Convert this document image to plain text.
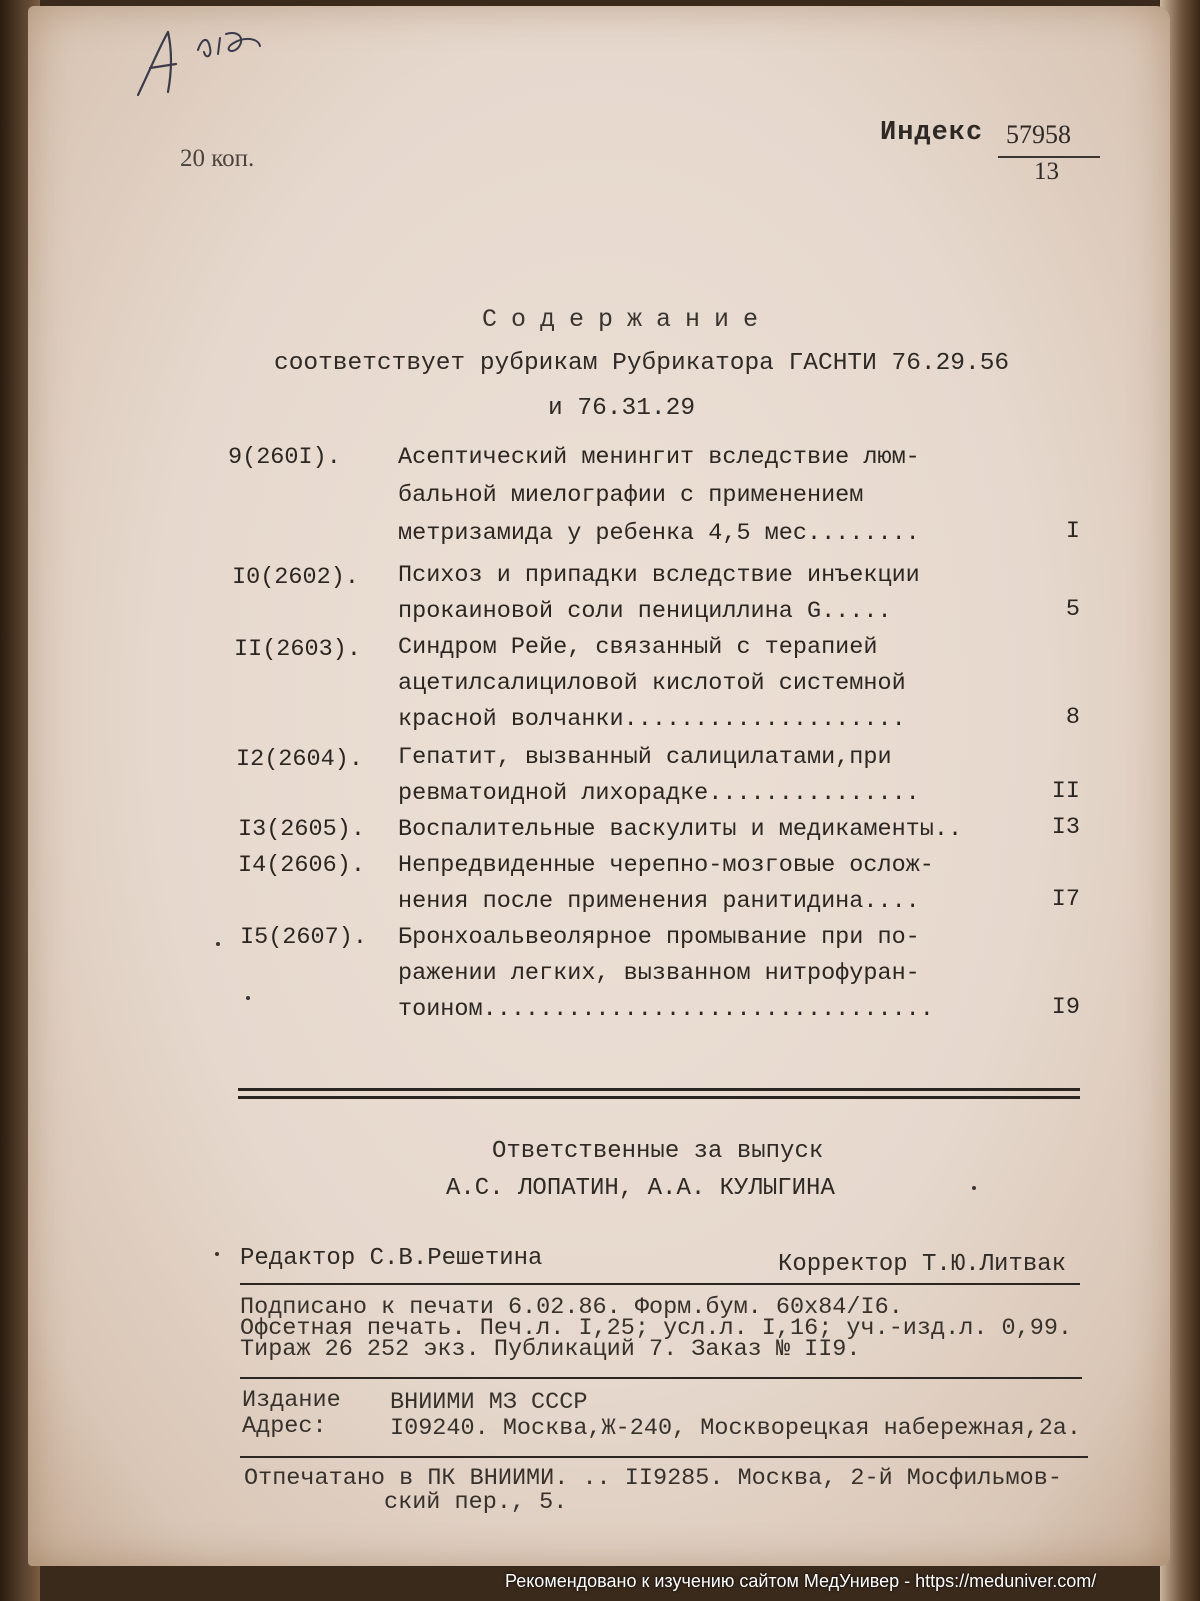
20 коп.
Индекс 57958
13
Содержание
соответствует рубрикам Рубрикатора ГАСНТИ 76.29.56
и 76.31.29
9(260I). Асептический менингит вследствие люм-
бальной миелографии с применением
метризамида у ребенка 4,5 мес........	I
I0(2602). Психоз и припадки вследствие инъекции
прокаиновой соли пенициллина G.....	5
II(2603). Синдром Рейе, связанный с терапией
ацетилсалициловой кислотой системной
красной волчанки....................	8
I2(2604). Гепатит, вызванный салицилатами,при
ревматоидной лихорадке...............	II
I3(2605). Воспалительные васкулиты и медикаменты..	I3
I4(2606). Непредвиденные черепно-мозговые ослож-
нения после применения ранитидина....	I7
I5(2607). Бронхоальвеолярное промывание при по-
ражении легких, вызванном нитрофуран-
тоином................................	I9
Ответственные за выпуск
А.С. ЛОПАТИН, А.А. КУЛЫГИНА
Редактор С.В.Решетина	Корректор Т.Ю.Литвак
Подписано к печати 6.02.86. Форм.бум. 60х84/I6.
Офсетная печать. Печ.л. I,25; усл.л. I,16; уч.-изд.л. 0,99.
Тираж 26 252 экз. Публикаций 7. Заказ № II9.
Издание ВНИИМИ МЗ СССР
Адрес:	I09240. Москва,Ж-240, Москворецкая набережная,2а.
Отпечатано в ПК ВНИИМИ. .. II9285. Москва, 2-й Мосфильмов-
ский пер., 5.
Рекомендовано к изучению сайтом МедУнивер - https://meduniver.com/
